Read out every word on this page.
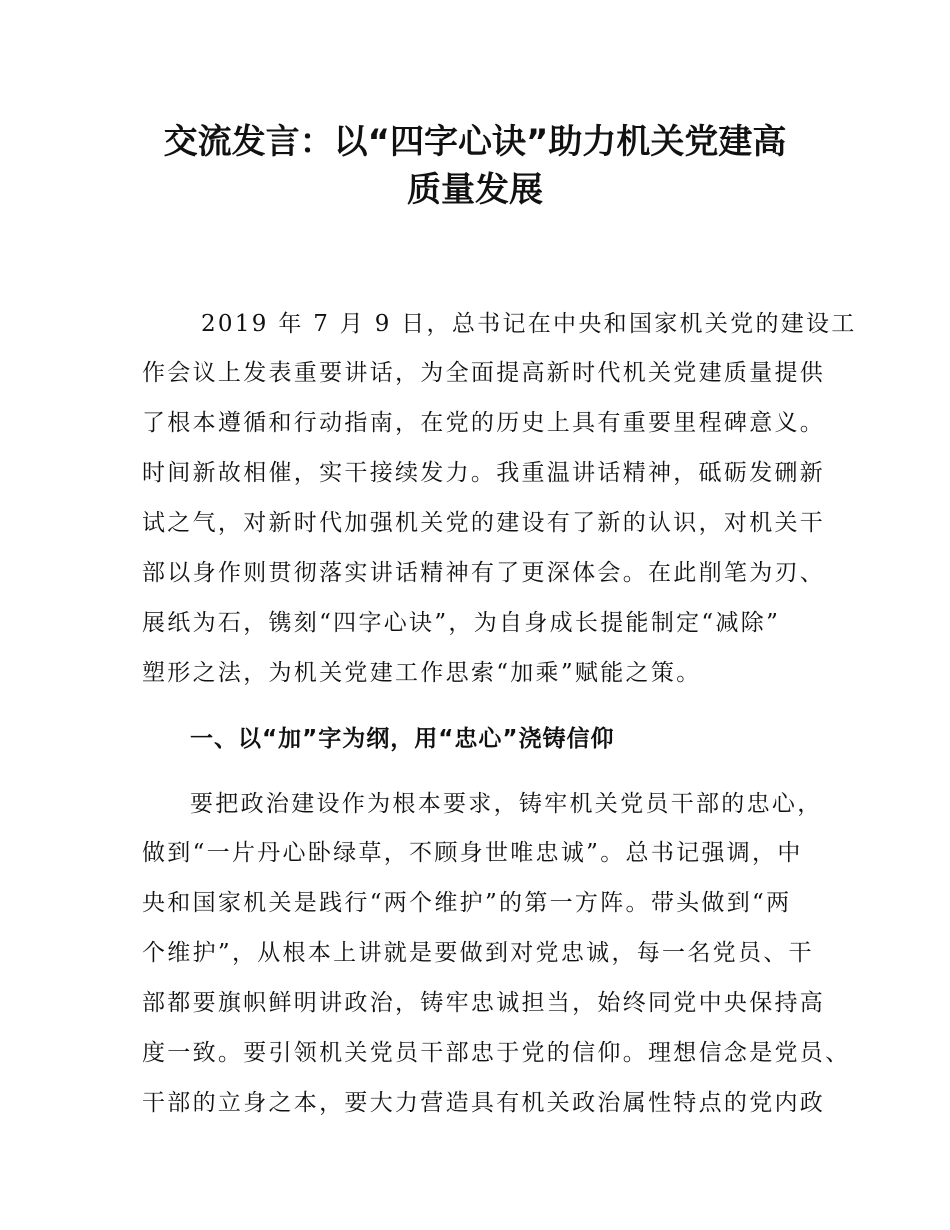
交流发言：以“四字心诀”助力机关党建高
质量发展
2019 年 7 月 9 日，总书记在中央和国家机关党的建设工
作会议上发表重要讲话，为全面提高新时代机关党建质量提供
了根本遵循和行动指南，在党的历史上具有重要里程碑意义。
时间新故相催，实干接续发力。我重温讲话精神，砥砺发硎新
试之气，对新时代加强机关党的建设有了新的认识，对机关干
部以身作则贯彻落实讲话精神有了更深体会。在此削笔为刃、
展纸为石，镌刻“四字心诀”，为自身成长提能制定“减除”
塑形之法，为机关党建工作思索“加乘”赋能之策。
一、以“加”字为纲，用“忠心”浇铸信仰
要把政治建设作为根本要求，铸牢机关党员干部的忠心，
做到“一片丹心卧绿草，不顾身世唯忠诚”。总书记强调，中
央和国家机关是践行“两个维护”的第一方阵。带头做到“两
个维护”，从根本上讲就是要做到对党忠诚，每一名党员、干
部都要旗帜鲜明讲政治，铸牢忠诚担当，始终同党中央保持高
度一致。要引领机关党员干部忠于党的信仰。理想信念是党员、
干部的立身之本，要大力营造具有机关政治属性特点的党内政
